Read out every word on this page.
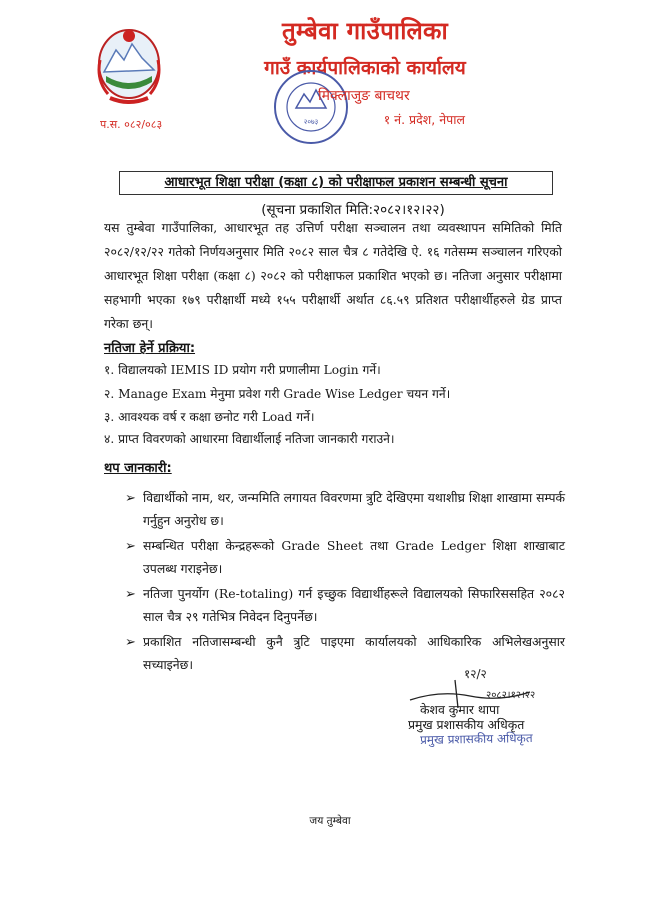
तुम्बेवा गाउँपालिका
गाउँ कार्यपालिकाको कार्यालय
२०७३
मिक्लाजुङ बाचथर
१ नं. प्रदेश, नेपाल
प.स. ०८२/०८३
आधारभूत शिक्षा परीक्षा (कक्षा ८) को परीक्षाफल प्रकाशन सम्बन्धी सूचना
(सूचना प्रकाशित मिति:२०८२।१२।२२)
यस तुम्बेवा गाउँपालिका, आधारभूत तह उत्तिर्ण परीक्षा सञ्चालन तथा व्यवस्थापन समितिको मिति २०८२/१२/२२ गतेको निर्णयअनुसार मिति २०८२ साल चैत्र ८ गतेदेखि ऐ. १६ गतेसम्म सञ्चालन गरिएको आधारभूत शिक्षा परीक्षा (कक्षा ८) २०८२ को परीक्षाफल प्रकाशित भएको छ। नतिजा अनुसार परीक्षामा सहभागी भएका १७९ परीक्षार्थी मध्ये १५५ परीक्षार्थी अर्थात ८६.५९ प्रतिशत परीक्षार्थीहरुले ग्रेड प्राप्त गरेका छन्।
नतिजा हेर्ने प्रक्रिया:
१. विद्यालयको IEMIS ID प्रयोग गरी प्रणालीमा Login गर्ने।
२. Manage Exam मेनुमा प्रवेश गरी Grade Wise Ledger चयन गर्ने।
३. आवश्यक वर्ष र कक्षा छनोट गरी Load गर्ने।
४. प्राप्त विवरणको आधारमा विद्यार्थीलाई नतिजा जानकारी गराउने।
थप जानकारी:
➢ विद्यार्थीको नाम, थर, जन्ममिति लगायत विवरणमा त्रुटि देखिएमा यथाशीघ्र शिक्षा शाखामा सम्पर्क गर्नुहुन अनुरोध छ।
➢ सम्बन्धित परीक्षा केन्द्रहरूको Grade Sheet तथा Grade Ledger शिक्षा शाखाबाट उपलब्ध गराइनेछ।
➢ नतिजा पुनर्योग (Re-totaling) गर्न इच्छुक विद्यार्थीहरूले विद्यालयको सिफारिससहित २०८२ साल चैत्र २९ गतेभित्र निवेदन दिनुपर्नेछ।
➢ प्रकाशित नतिजासम्बन्धी कुनै त्रुटि पाइएमा कार्यालयको आधिकारिक अभिलेखअनुसार सच्याइनेछ।
१२/२
२०८२।१२।२२
केशव कुमार थापा
प्रमुख प्रशासकीय अधिकृत
प्रमुख प्रशासकीय अधिकृत
जय तुम्बेवा
